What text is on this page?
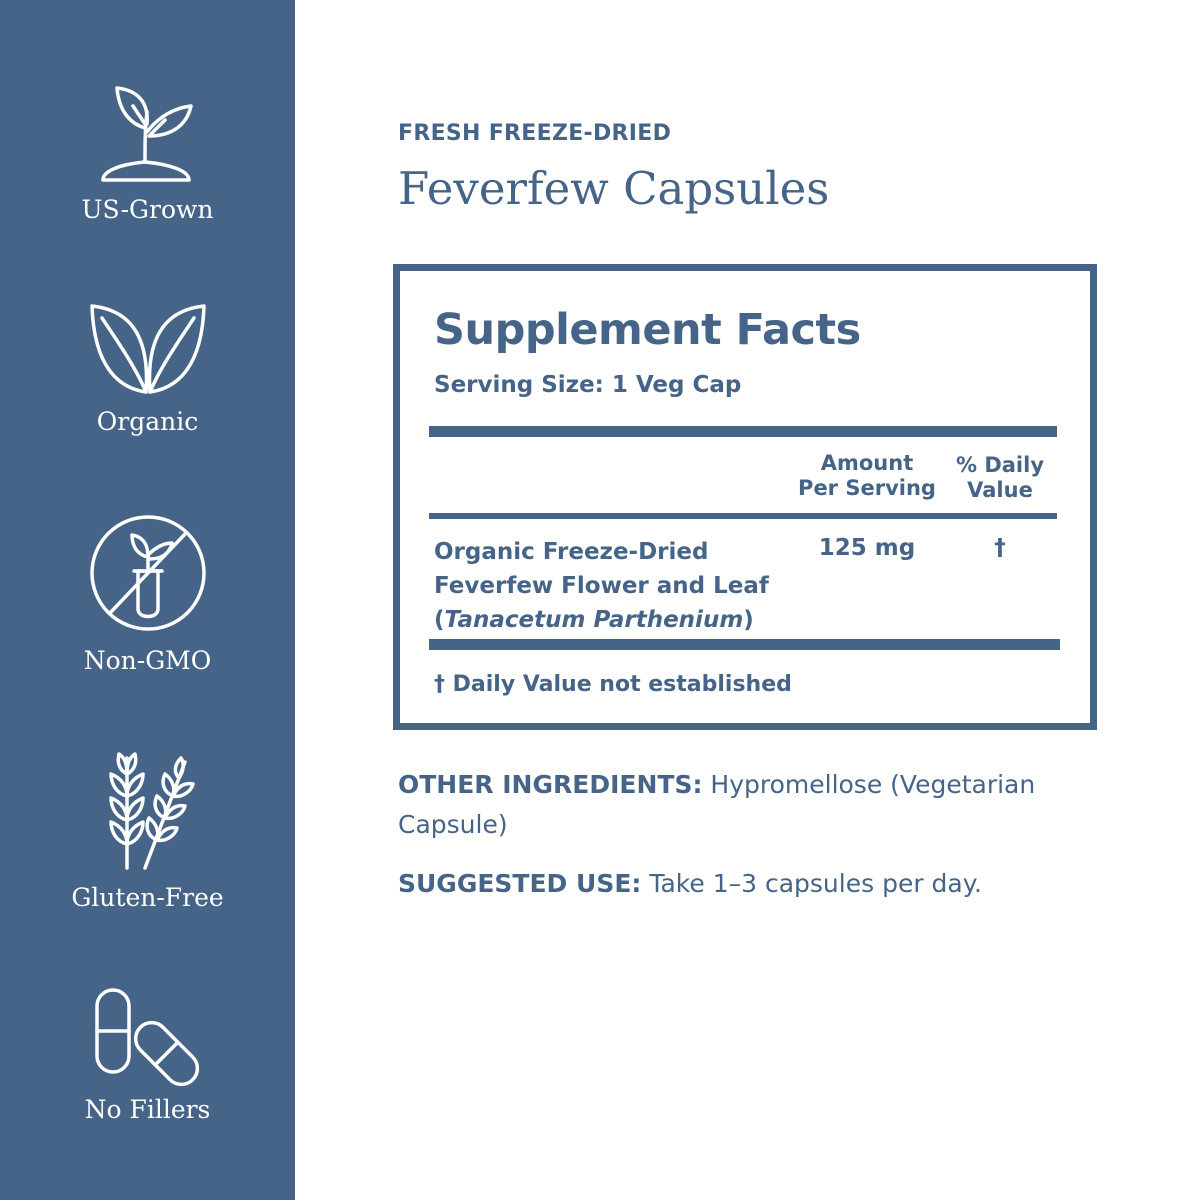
US-Grown
Organic
Non-GMO
Gluten-Free
No Fillers
FRESH FREEZE-DRIED
Feverfew Capsules
Supplement Facts
Serving Size: 1 Veg Cap
Amount
Per Serving
% Daily
Value
Organic Freeze-Dried
Feverfew Flower and Leaf
(Tanacetum Parthenium)
125 mg	†
† Daily Value not established
OTHER INGREDIENTS: Hypromellose (Vegetarian Capsule)
SUGGESTED USE: Take 1–3 capsules per day.
